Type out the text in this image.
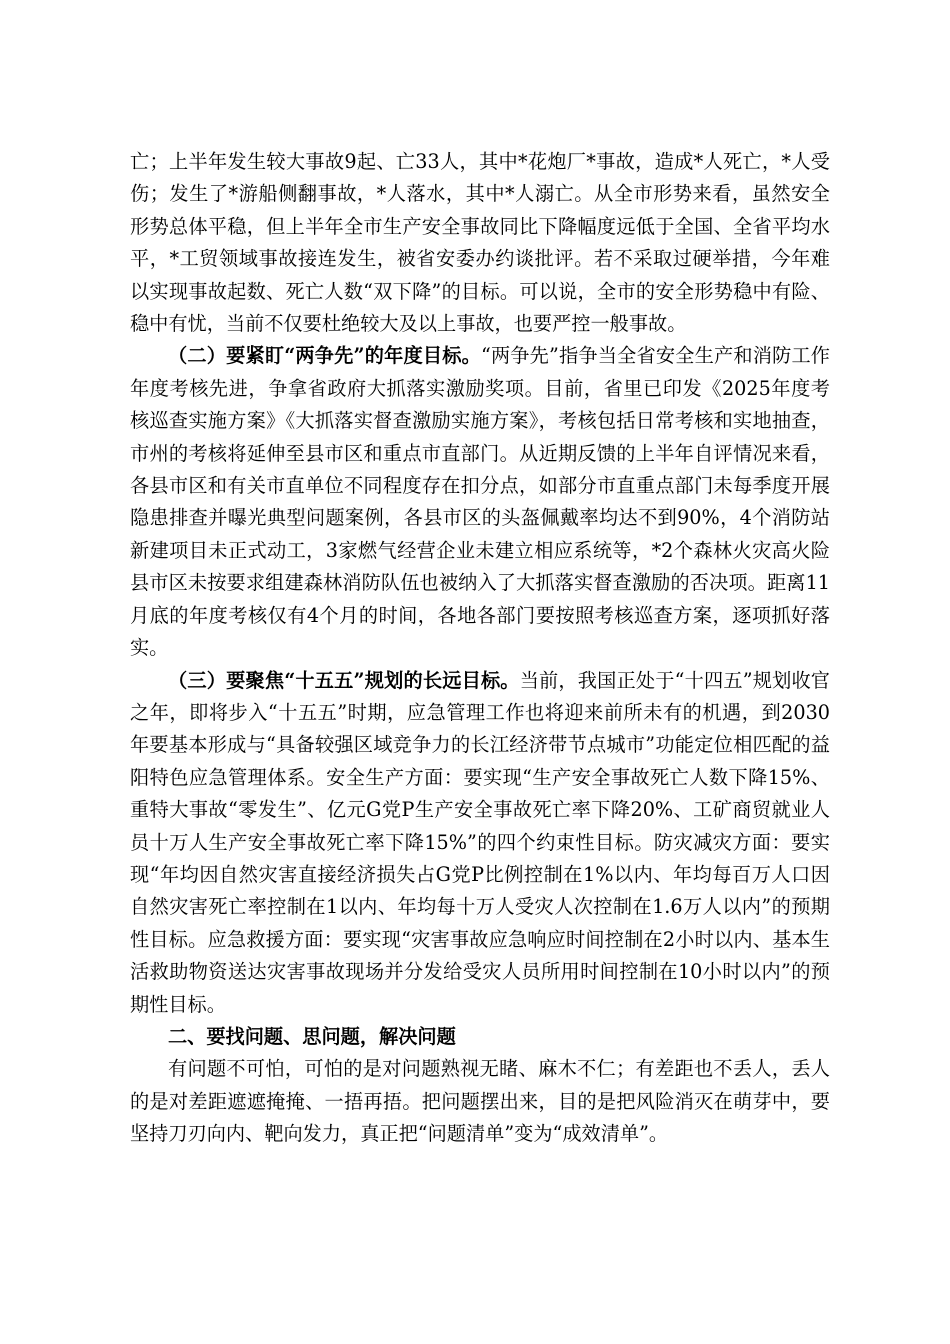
亡；上半年发生较大事故9起、亡33人，其中*花炮厂*事故，造成*人死亡，*人受伤；发生了*游船侧翻事故，*人落水，其中*人溺亡。从全市形势来看，虽然安全形势总体平稳，但上半年全市生产安全事故同比下降幅度远低于全国、全省平均水平，*工贸领域事故接连发生，被省安委办约谈批评。若不采取过硬举措，今年难以实现事故起数、死亡人数“双下降”的目标。可以说，全市的安全形势稳中有险、稳中有忧，当前不仅要杜绝较大及以上事故，也要严控一般事故。

（二）要紧盯“两争先”的年度目标。“两争先”指争当全省安全生产和消防工作年度考核先进，争拿省政府大抓落实激励奖项。目前，省里已印发《2025年度考核巡查实施方案》《大抓落实督查激励实施方案》，考核包括日常考核和实地抽查，市州的考核将延伸至县市区和重点市直部门。从近期反馈的上半年自评情况来看，各县市区和有关市直单位不同程度存在扣分点，如部分市直重点部门未每季度开展隐患排查并曝光典型问题案例，各县市区的头盔佩戴率均达不到90%，4个消防站新建项目未正式动工，3家燃气经营企业未建立相应系统等，*2个森林火灾高火险县市区未按要求组建森林消防队伍也被纳入了大抓落实督查激励的否决项。距离11月底的年度考核仅有4个月的时间，各地各部门要按照考核巡查方案，逐项抓好落实。

（三）要聚焦“十五五”规划的长远目标。当前，我国正处于“十四五”规划收官之年，即将步入“十五五”时期，应急管理工作也将迎来前所未有的机遇，到2030年要基本形成与“具备较强区域竞争力的长江经济带节点城市”功能定位相匹配的益阳特色应急管理体系。安全生产方面：要实现“生产安全事故死亡人数下降15%、重特大事故“零发生”、亿元G党P生产安全事故死亡率下降20%、工矿商贸就业人员十万人生产安全事故死亡率下降15%”的四个约束性目标。防灾减灾方面：要实现“年均因自然灾害直接经济损失占G党P比例控制在1%以内、年均每百万人口因自然灾害死亡率控制在1以内、年均每十万人受灾人次控制在1.6万人以内”的预期性目标。应急救援方面：要实现“灾害事故应急响应时间控制在2小时以内、基本生活救助物资送达灾害事故现场并分发给受灾人员所用时间控制在10小时以内”的预期性目标。

二、要找问题、思问题，解决问题

有问题不可怕，可怕的是对问题熟视无睹、麻木不仁；有差距也不丢人，丢人的是对差距遮遮掩掩、一捂再捂。把问题摆出来，目的是把风险消灭在萌芽中，要坚持刀刃向内、靶向发力，真正把“问题清单”变为“成效清单”。
